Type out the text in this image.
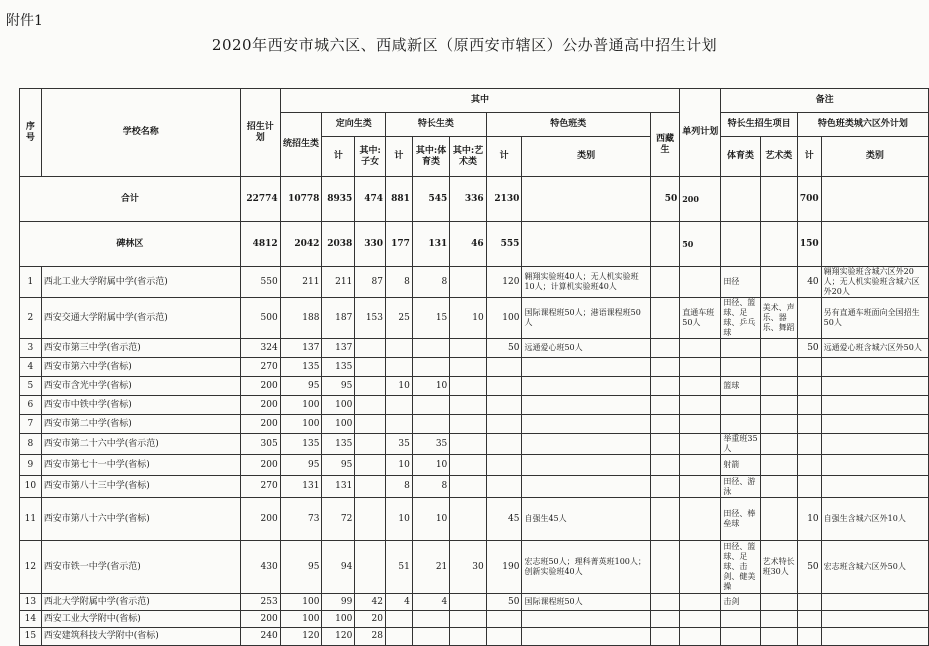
附件1
2020年西安市城六区、西咸新区（原西安市辖区）公办普通高中招生计划
序号	学校名称	招生计划	其中									单列计划	备注			
			统招生类	定向生类		特长生类			特色班类		西藏生		特长生招生项目		特色班类城六区外计划	
				计	其中:子女	计	其中:体育类	其中:艺术类	计	类别			体育类	艺术类	计	类别

合计		22774	10778	8935	474	881	545	336	2130		50	200			700	
碑林区		4812	2042	2038	330	177	131	46	555			50			150	
1	西北工业大学附属中学(省示范)	550	211	211	87	8	8		120	翱翔实验班40人；无人机实验班10人；计算机实验班40人			田径		40	翱翔实验班含城六区外20人；无人机实验班含城六区外20人
2	西安交通大学附属中学(省示范)	500	188	187	153	25	15	10	100	国际课程班50人；港语课程班50人		直通车班50人	田径、篮球、足球、乒乓球	美术、声乐、器乐、舞蹈		另有直通车班面向全国招生50人
3	西安市第三中学(省示范)	324	137	137					50	远通爱心班50人					50	远通爱心班含城六区外50人
4	西安市第六中学(省标)	270	135	135												
5	西安市含光中学(省标)	200	95	95		10	10						篮球			
6	西安市中铁中学(省标)	200	100	100												
7	西安市第二中学(省标)	200	100	100												
8	西安市第二十六中学(省示范)	305	135	135		35	35						举重班35人			
9	西安市第七十一中学(省标)	200	95	95		10	10						射箭			
10	西安市第八十三中学(省标)	270	131	131		8	8						田径、游泳			
11	西安市第八十六中学(省标)	200	73	72		10	10		45	自强生45人			田径、棒垒球		10	自强生含城六区外10人
12	西安市铁一中学(省示范)	430	95	94		51	21	30	190	宏志班50人；理科菁英班100人；创新实验班40人			田径、篮球、足球、击剑、健美操	艺术特长班30人	50	宏志班含城六区外50人
13	西北大学附属中学(省示范)	253	100	99	42	4	4		50	国际课程班50人			击剑			
14	西安工业大学附中(省标)	200	100	100	20											
15	西安建筑科技大学附中(省标)	240	120	120	28											
